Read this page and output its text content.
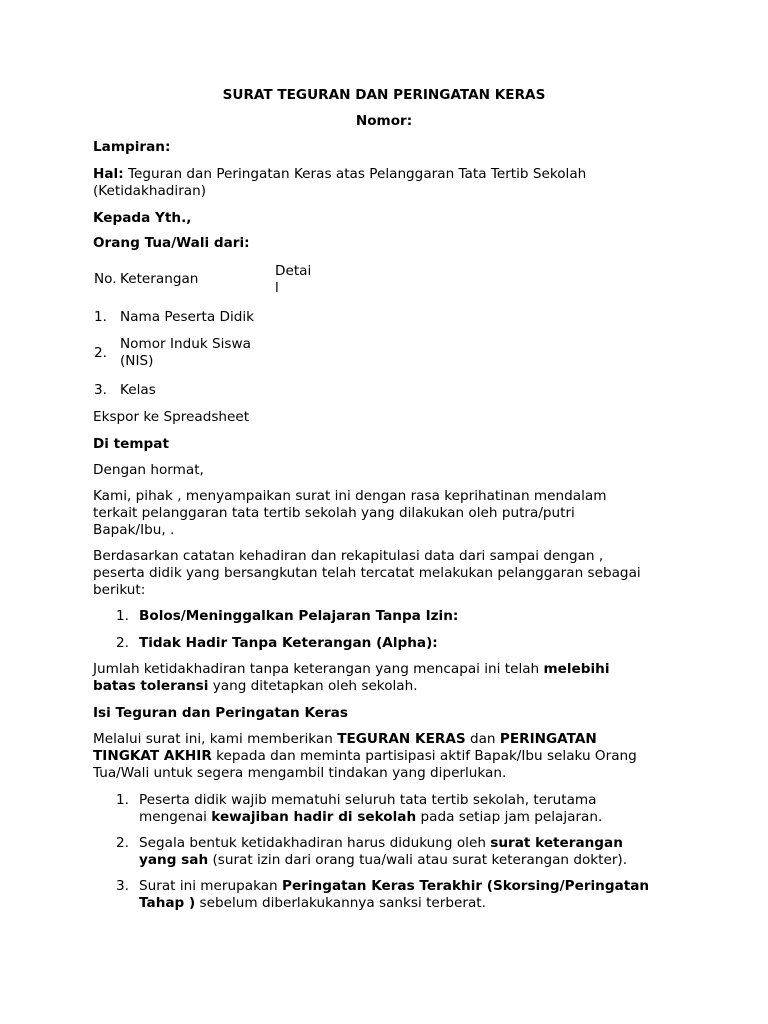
SURAT TEGURAN DAN PERINGATAN KERAS
Nomor:
Lampiran:
Hal: Teguran dan Peringatan Keras atas Pelanggaran Tata Tertib Sekolah (Ketidakhadiran)
Kepada Yth.,
Orang Tua/Wali dari:
No. Keterangan	Detai
l
1. Nama Peserta Didik
2.
Nomor Induk Siswa
(NIS)
3. Kelas
Ekspor ke Spreadsheet
Di tempat
Dengan hormat,
Kami, pihak , menyampaikan surat ini dengan rasa keprihatinan mendalam
terkait pelanggaran tata tertib sekolah yang dilakukan oleh putra/putri
Bapak/Ibu, .
Berdasarkan catatan kehadiran dan rekapitulasi data dari sampai dengan ,
peserta didik yang bersangkutan telah tercatat melakukan pelanggaran sebagai
berikut:
1. Bolos/Meninggalkan Pelajaran Tanpa Izin:
2. Tidak Hadir Tanpa Keterangan (Alpha):
Jumlah ketidakhadiran tanpa keterangan yang mencapai ini telah melebihi
batas toleransi yang ditetapkan oleh sekolah.
Isi Teguran dan Peringatan Keras
Melalui surat ini, kami memberikan TEGURAN KERAS dan PERINGATAN
TINGKAT AKHIR kepada dan meminta partisipasi aktif Bapak/Ibu selaku Orang
Tua/Wali untuk segera mengambil tindakan yang diperlukan.
1. Peserta didik wajib mematuhi seluruh tata tertib sekolah, terutama
mengenai kewajiban hadir di sekolah pada setiap jam pelajaran.
2. Segala bentuk ketidakhadiran harus didukung oleh surat keterangan
yang sah (surat izin dari orang tua/wali atau surat keterangan dokter).
3. Surat ini merupakan Peringatan Keras Terakhir (Skorsing/Peringatan
Tahap ) sebelum diberlakukannya sanksi terberat.
